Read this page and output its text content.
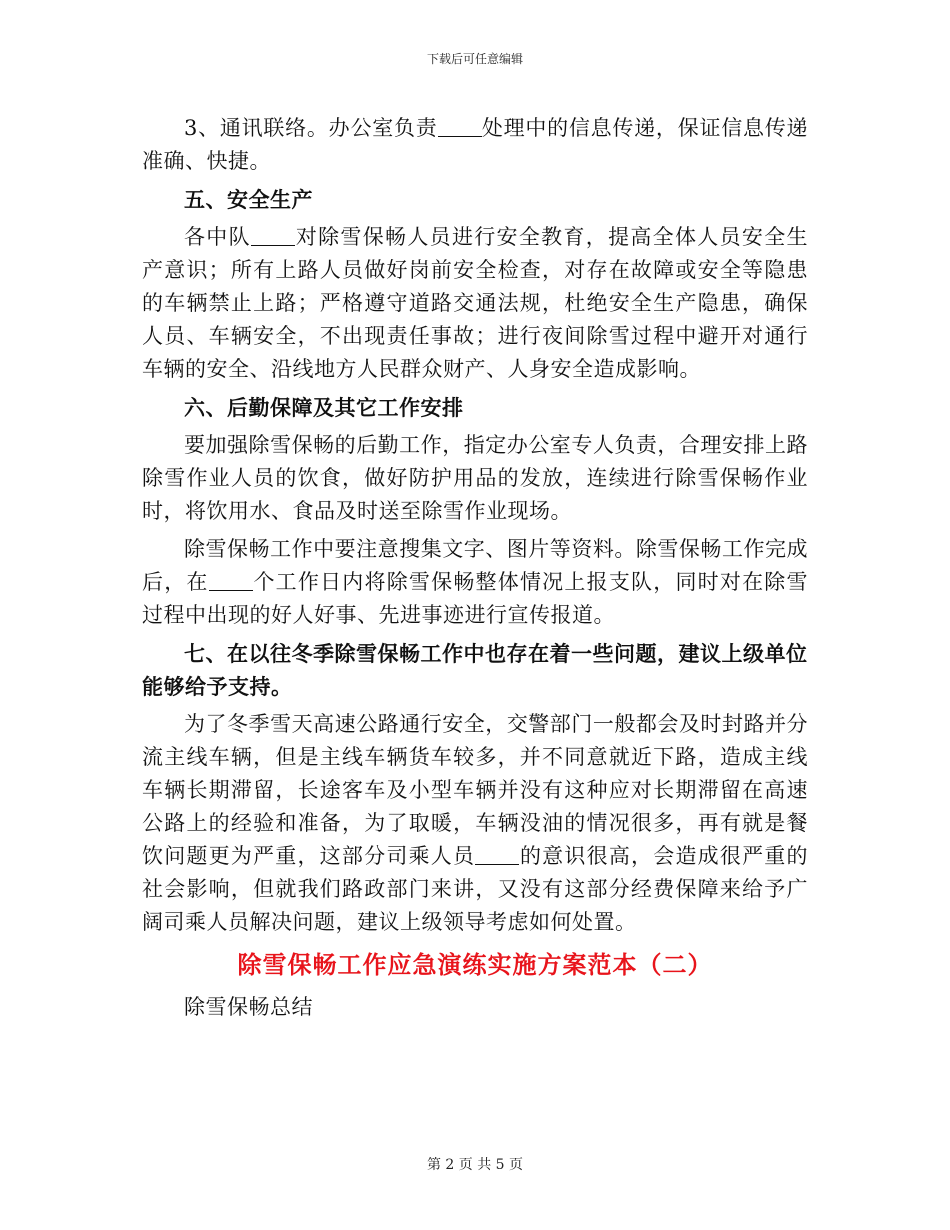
下载后可任意编辑

3、通讯联络。办公室负责 处理中的信息传递，保证信息传递准确、快捷。

五、安全生产

各中队 对除雪保畅人员进行安全教育，提高全体人员安全生产意识；所有上路人员做好岗前安全检查，对存在故障或安全等隐患的车辆禁止上路；严格遵守道路交通法规，杜绝安全生产隐患，确保人员、车辆安全，不出现责任事故；进行夜间除雪过程中避开对通行车辆的安全、沿线地方人民群众财产、人身安全造成影响。

六、后勤保障及其它工作安排

要加强除雪保畅的后勤工作，指定办公室专人负责，合理安排上路除雪作业人员的饮食，做好防护用品的发放，连续进行除雪保畅作业时，将饮用水、食品及时送至除雪作业现场。

除雪保畅工作中要注意搜集文字、图片等资料。除雪保畅工作完成后，在 个工作日内将除雪保畅整体情况上报支队，同时对在除雪过程中出现的好人好事、先进事迹进行宣传报道。

七、在以往冬季除雪保畅工作中也存在着一些问题，建议上级单位能够给予支持。

为了冬季雪天高速公路通行安全，交警部门一般都会及时封路并分流主线车辆，但是主线车辆货车较多，并不同意就近下路，造成主线车辆长期滞留，长途客车及小型车辆并没有这种应对长期滞留在高速公路上的经验和准备，为了取暖，车辆没油的情况很多，再有就是餐饮问题更为严重，这部分司乘人员 的意识很高，会造成很严重的社会影响，但就我们路政部门来讲，又没有这部分经费保障来给予广阔司乘人员解决问题，建议上级领导考虑如何处置。

除雪保畅工作应急演练实施方案范本（二）

除雪保畅总结

第 2 页 共 5 页
